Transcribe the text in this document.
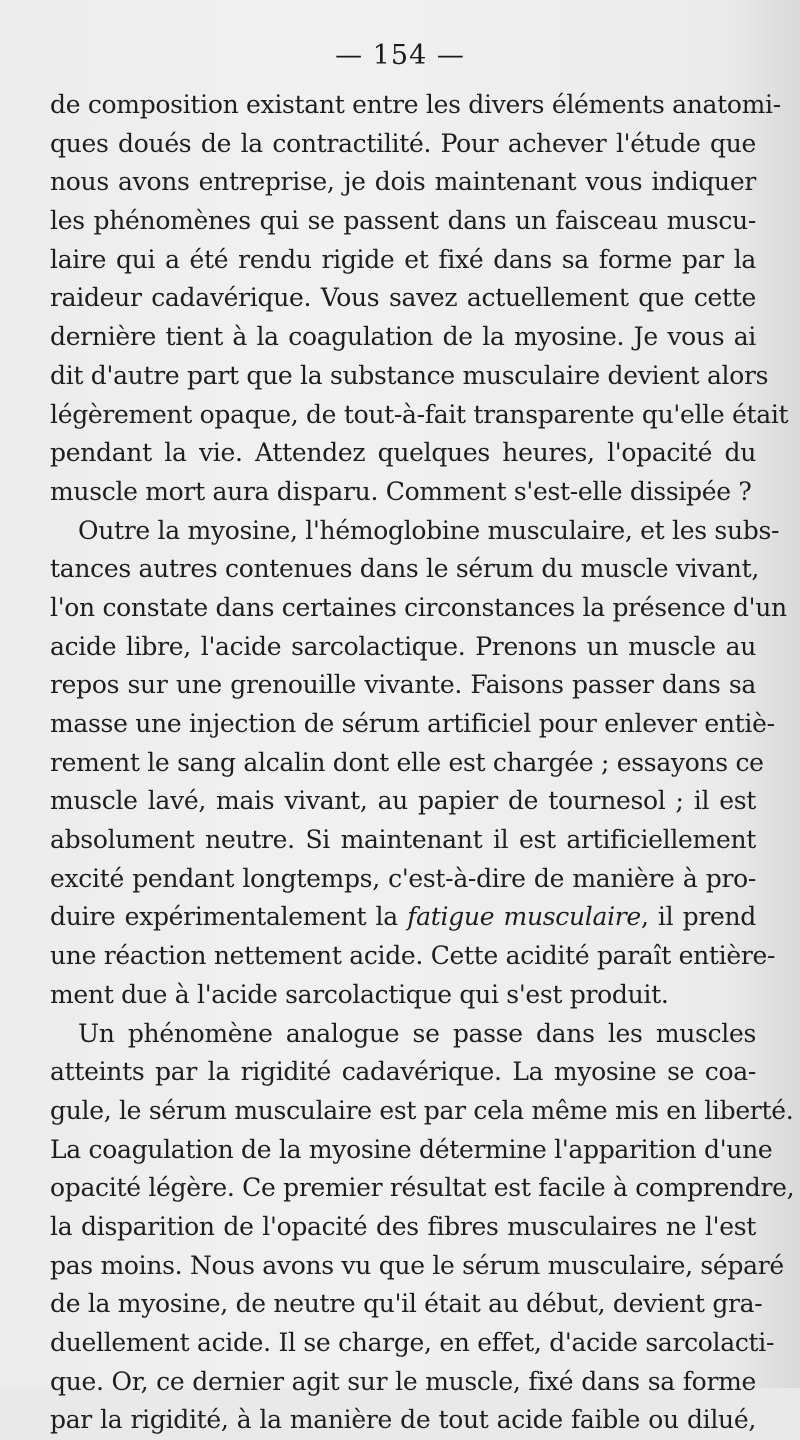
— 154 —
de composition existant entre les divers éléments anatomi-
ques doués de la contractilité. Pour achever l'étude que
nous avons entreprise, je dois maintenant vous indiquer
les phénomènes qui se passent dans un faisceau muscu-
laire qui a été rendu rigide et fixé dans sa forme par la
raideur cadavérique. Vous savez actuellement que cette
dernière tient à la coagulation de la myosine. Je vous ai
dit d'autre part que la substance musculaire devient alors
légèrement opaque, de tout-à-fait transparente qu'elle était
pendant la vie. Attendez quelques heures, l'opacité du
muscle mort aura disparu. Comment s'est-elle dissipée ?
Outre la myosine, l'hémoglobine musculaire, et les subs-
tances autres contenues dans le sérum du muscle vivant,
l'on constate dans certaines circonstances la présence d'un
acide libre, l'acide sarcolactique. Prenons un muscle au
repos sur une grenouille vivante. Faisons passer dans sa
masse une injection de sérum artificiel pour enlever entiè-
rement le sang alcalin dont elle est chargée ; essayons ce
muscle lavé, mais vivant, au papier de tournesol ; il est
absolument neutre. Si maintenant il est artificiellement
excité pendant longtemps, c'est-à-dire de manière à pro-
duire expérimentalement la fatigue musculaire, il prend
une réaction nettement acide. Cette acidité paraît entière-
ment due à l'acide sarcolactique qui s'est produit.
Un phénomène analogue se passe dans les muscles
atteints par la rigidité cadavérique. La myosine se coa-
gule, le sérum musculaire est par cela même mis en liberté.
La coagulation de la myosine détermine l'apparition d'une
opacité légère. Ce premier résultat est facile à comprendre,
la disparition de l'opacité des fibres musculaires ne l'est
pas moins. Nous avons vu que le sérum musculaire, séparé
de la myosine, de neutre qu'il était au début, devient gra-
duellement acide. Il se charge, en effet, d'acide sarcolacti-
que. Or, ce dernier agit sur le muscle, fixé dans sa forme
par la rigidité, à la manière de tout acide faible ou dilué,
